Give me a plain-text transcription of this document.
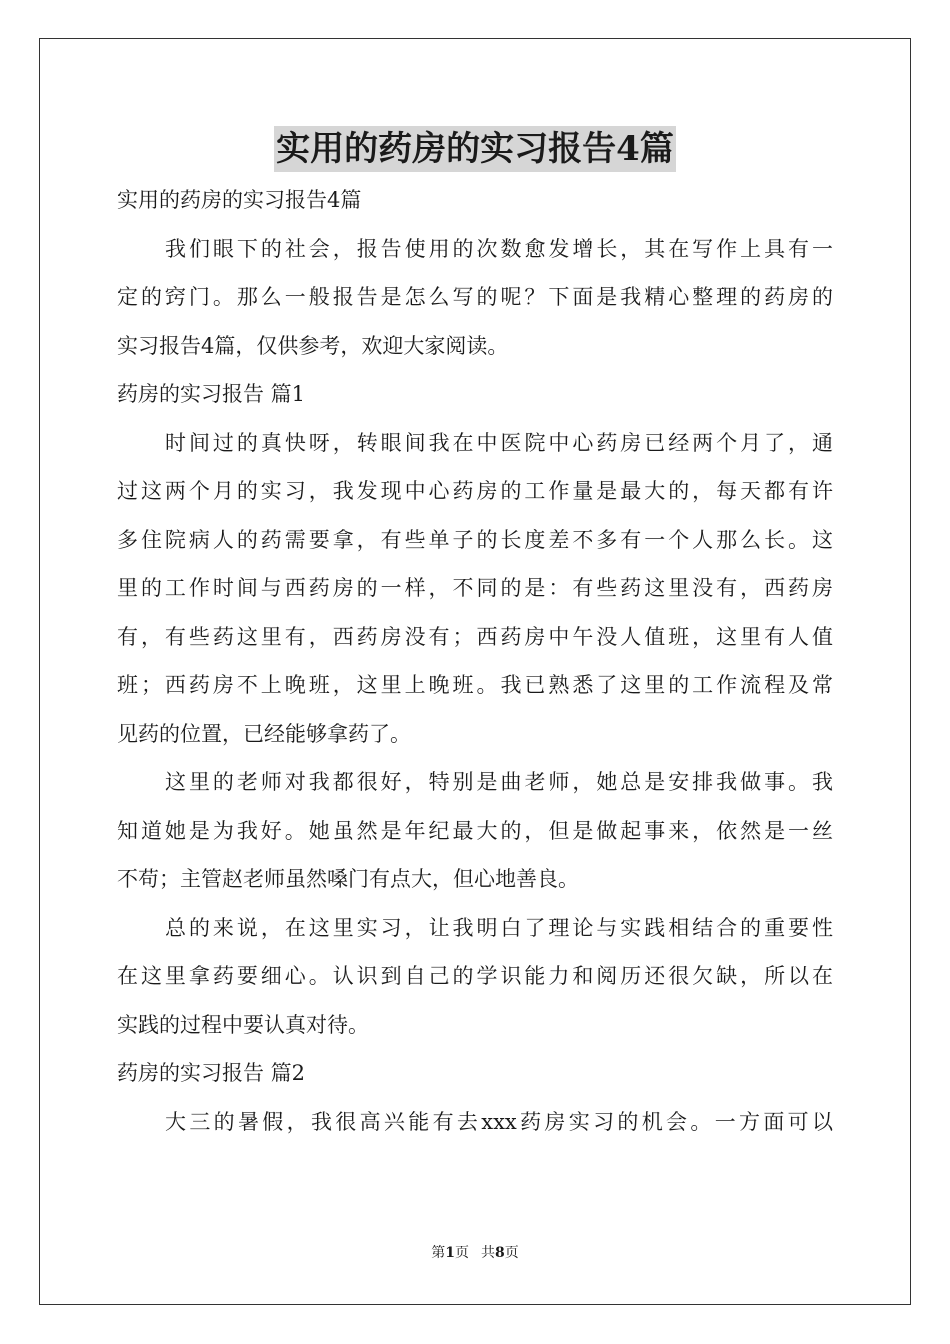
实用的药房的实习报告4篇
实用的药房的实习报告4篇
我们眼下的社会，报告使用的次数愈发增长，其在写作上具有一
定的窍门。那么一般报告是怎么写的呢？下面是我精心整理的药房的
实习报告4篇，仅供参考，欢迎大家阅读。
药房的实习报告 篇1
时间过的真快呀，转眼间我在中医院中心药房已经两个月了，通
过这两个月的实习，我发现中心药房的工作量是最大的，每天都有许
多住院病人的药需要拿，有些单子的长度差不多有一个人那么长。这
里的工作时间与西药房的一样，不同的是：有些药这里没有，西药房
有，有些药这里有，西药房没有；西药房中午没人值班，这里有人值
班；西药房不上晚班，这里上晚班。我已熟悉了这里的工作流程及常
见药的位置，已经能够拿药了。
这里的老师对我都很好，特别是曲老师，她总是安排我做事。我
知道她是为我好。她虽然是年纪最大的，但是做起事来，依然是一丝
不苟；主管赵老师虽然嗓门有点大，但心地善良。
总的来说，在这里实习，让我明白了理论与实践相结合的重要性
在这里拿药要细心。认识到自己的学识能力和阅历还很欠缺，所以在
实践的过程中要认真对待。
药房的实习报告 篇2
大三的暑假，我很高兴能有去xxx药房实习的机会。一方面可以
第1页 共8页
